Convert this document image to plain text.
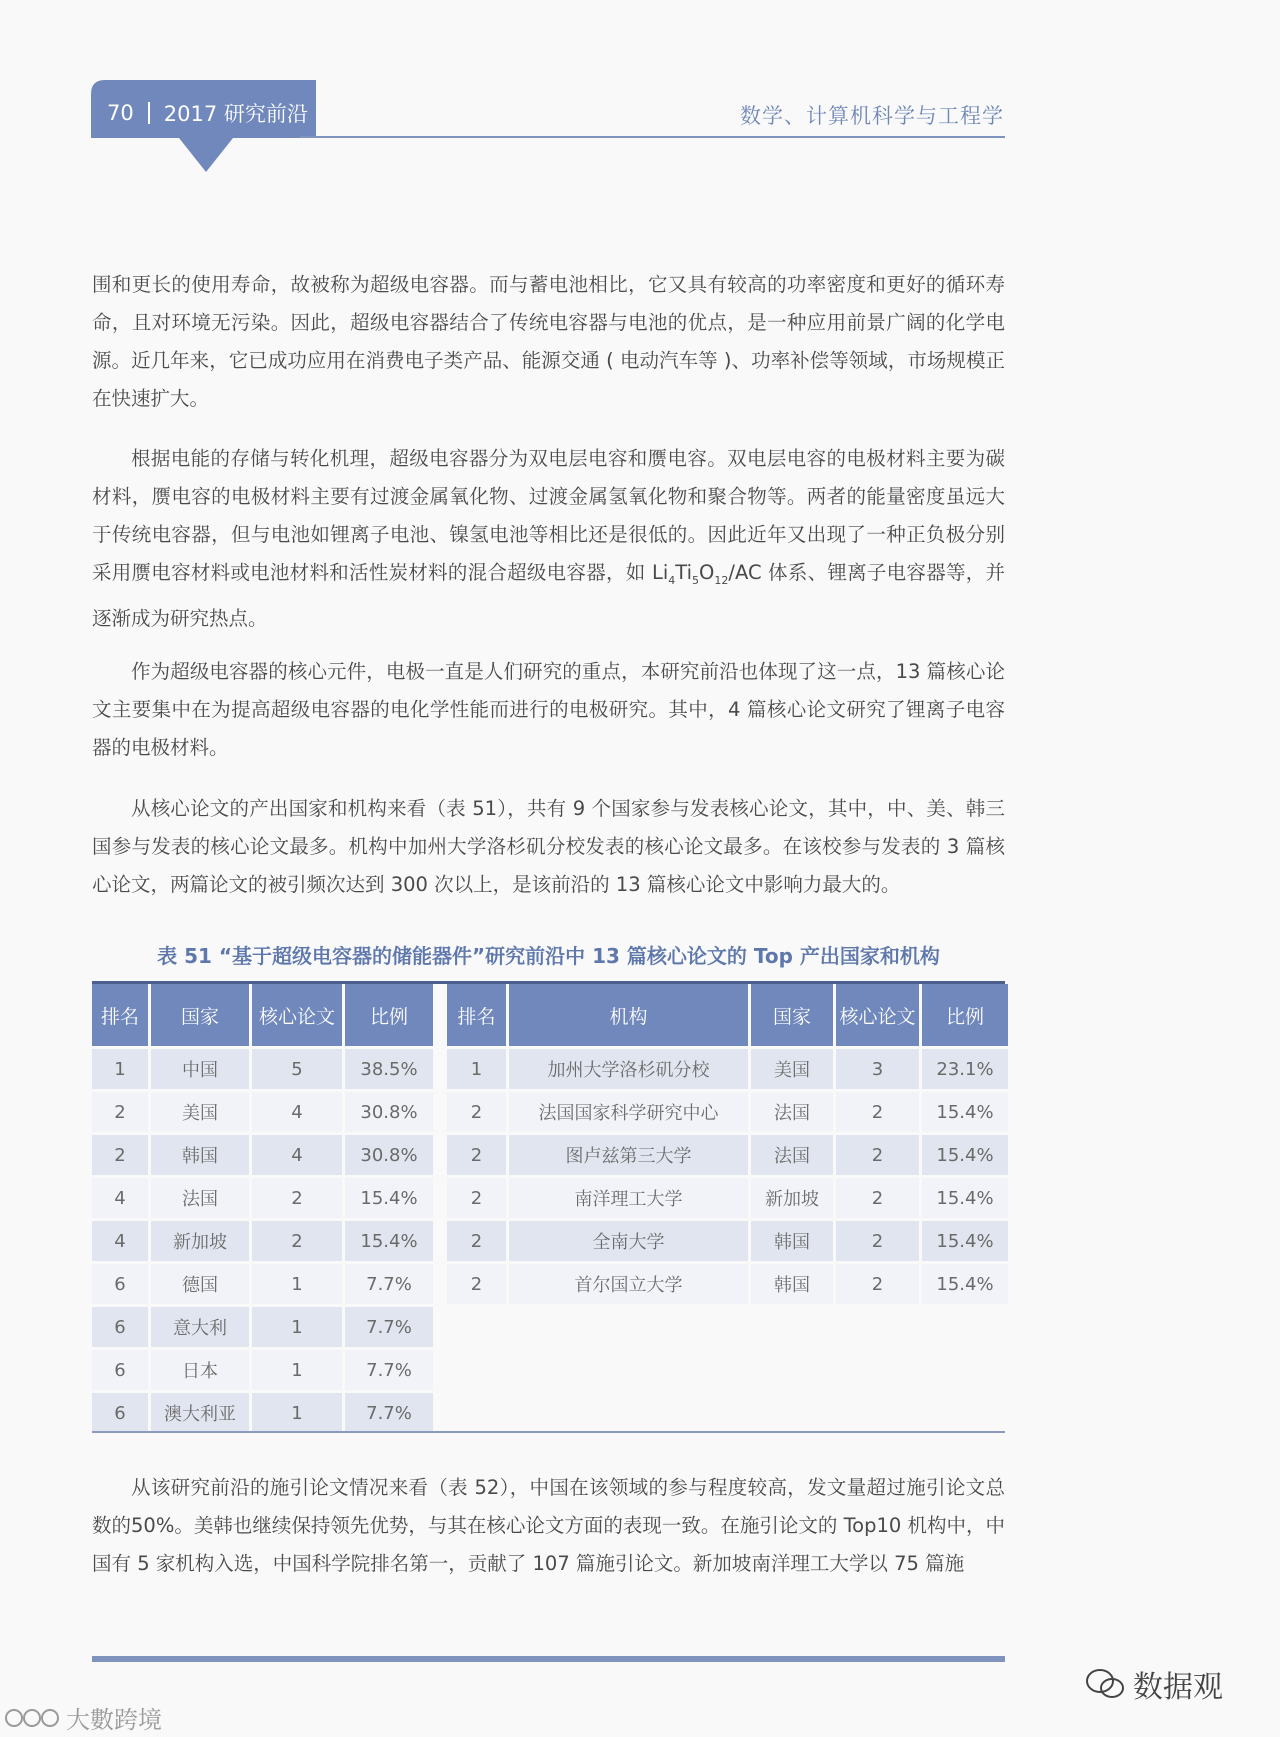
70 2017 研究前沿	数学、计算机科学与工程学

围和更长的使用寿命，故被称为超级电容器。而与蓄电池相比，它又具有较高的功率密度和更好的循环寿命，且对环境无污染。因此，超级电容器结合了传统电容器与电池的优点，是一种应用前景广阔的化学电源。近几年来，它已成功应用在消费电子类产品、能源交通 ( 电动汽车等 )、功率补偿等领域，市场规模正在快速扩大。

根据电能的存储与转化机理，超级电容器分为双电层电容和赝电容。双电层电容的电极材料主要为碳材料，赝电容的电极材料主要有过渡金属氧化物、过渡金属氢氧化物和聚合物等。两者的能量密度虽远大于传统电容器，但与电池如锂离子电池、镍氢电池等相比还是很低的。因此近年又出现了一种正负极分别采用赝电容材料或电池材料和活性炭材料的混合超级电容器，如 $Li_4Ti_5O_{12}/AC$ 体系、锂离子电容器等，并逐渐成为研究热点。

作为超级电容器的核心元件，电极一直是人们研究的重点，本研究前沿也体现了这一点，13 篇核心论文主要集中在为提高超级电容器的电化学性能而进行的电极研究。其中，4 篇核心论文研究了锂离子电容器的电极材料。

从核心论文的产出国家和机构来看（表 51），共有 9 个国家参与发表核心论文，其中，中、美、韩三国参与发表的核心论文最多。机构中加州大学洛杉矶分校发表的核心论文最多。在该校参与发表的 3 篇核心论文，两篇论文的被引频次达到 300 次以上，是该前沿的 13 篇核心论文中影响力最大的。

表 51 “基于超级电容器的储能器件”研究前沿中 13 篇核心论文的 Top 产出国家和机构
排名	国家	核心论文	比例
1	中国	5	38.5%
2	美国	4	30.8%
2	韩国	4	30.8%
4	法国	2	15.4%
4	新加坡	2	15.4%
6	德国	1	7.7%
6	意大利	1	7.7%
6	日本	1	7.7%
6	澳大利亚	1	7.7%
排名	机构	国家	核心论文	比例
1	加州大学洛杉矶分校	美国	3	23.1%
2	法国国家科学研究中心	法国	2	15.4%
2	图卢兹第三大学	法国	2	15.4%
2	南洋理工大学	新加坡	2	15.4%
2	全南大学	韩国	2	15.4%
2	首尔国立大学	韩国	2	15.4%

从该研究前沿的施引论文情况来看（表 52），中国在该领域的参与程度较高，发文量超过施引论文总数的50%。美韩也继续保持领先优势，与其在核心论文方面的表现一致。在施引论文的 Top10 机构中，中国有 5 家机构入选，中国科学院排名第一，贡献了 107 篇施引论文。新加坡南洋理工大学以 75 篇施

数据观
大數跨境
